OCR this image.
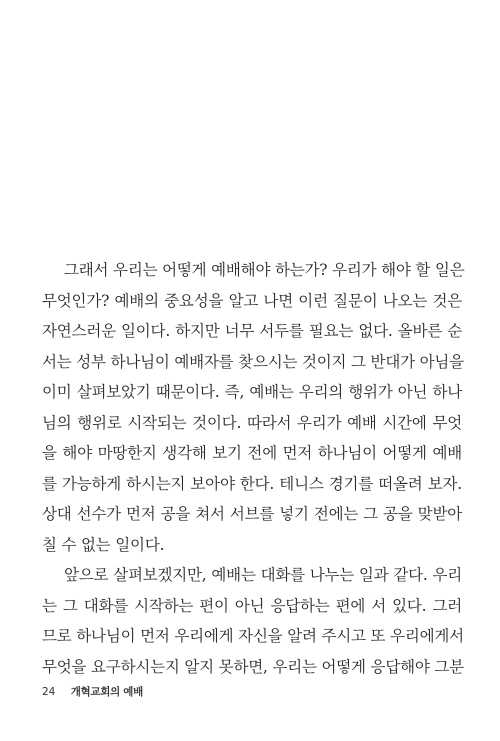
그래서 우리는 어떻게 예배해야 하는가? 우리가 해야 할 일은
무엇인가? 예배의 중요성을 알고 나면 이런 질문이 나오는 것은
자연스러운 일이다. 하지만 너무 서두를 필요는 없다. 올바른 순
서는 성부 하나님이 예배자를 찾으시는 것이지 그 반대가 아님을
이미 살펴보았기 때문이다. 즉, 예배는 우리의 행위가 아닌 하나
님의 행위로 시작되는 것이다. 따라서 우리가 예배 시간에 무엇
을 해야 마땅한지 생각해 보기 전에 먼저 하나님이 어떻게 예배
를 가능하게 하시는지 보아야 한다. 테니스 경기를 떠올려 보자.
상대 선수가 먼저 공을 쳐서 서브를 넣기 전에는 그 공을 맞받아
칠 수 없는 일이다.
앞으로 살펴보겠지만, 예배는 대화를 나누는 일과 같다. 우리
는 그 대화를 시작하는 편이 아닌 응답하는 편에 서 있다. 그러
므로 하나님이 먼저 우리에게 자신을 알려 주시고 또 우리에게서
무엇을 요구하시는지 알지 못하면, 우리는 어떻게 응답해야 그분
24 개혁교회의 예배
